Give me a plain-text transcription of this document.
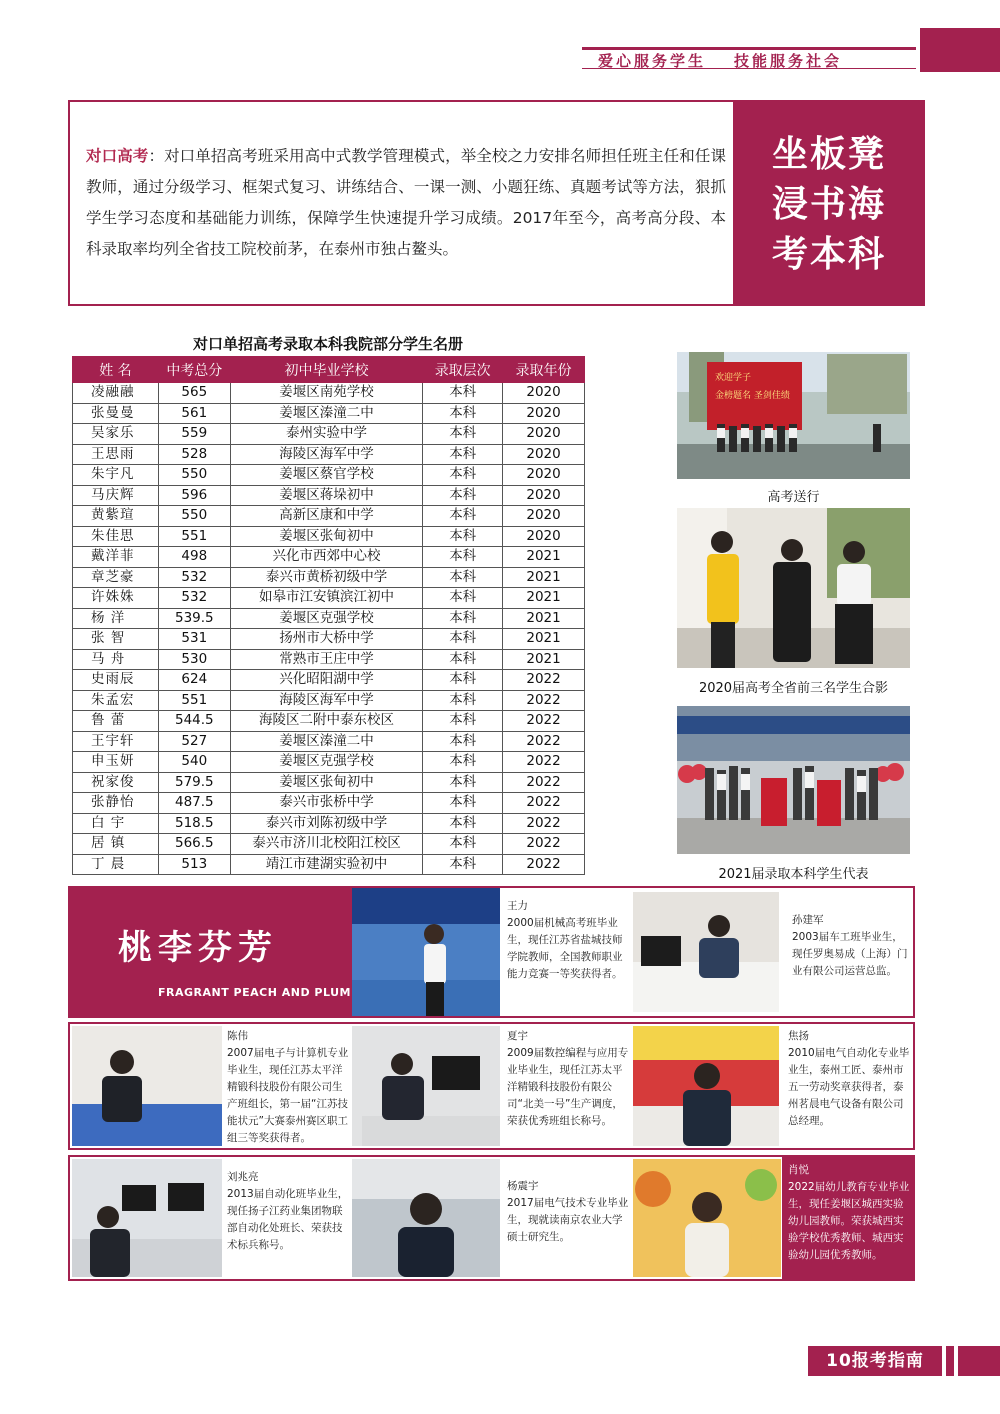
爱心服务学生 技能服务社会
对口高考：对口单招高考班采用高中式教学管理模式，举全校之力安排名师担任班主任和任课教师，通过分级学习、框架式复习、讲练结合、一课一测、小题狂练、真题考试等方法，狠抓学生学习态度和基础能力训练，保障学生快速提升学习成绩。2017年至今，高考高分段、本科录取率均列全省技工院校前茅，在泰州市独占鳌头。
坐板凳
浸书海
考本科
对口单招高考录取本科我院部分学生名册
姓 名	中考总分	初中毕业学校	录取层次	录取年份
凌融融	565	姜堰区南苑学校	本科	2020
张曼曼	561	姜堰区溱潼二中	本科	2020
吴家乐	559	泰州实验中学	本科	2020
王思雨	528	海陵区海军中学	本科	2020
朱宇凡	550	姜堰区蔡官学校	本科	2020
马庆辉	596	姜堰区蒋垛初中	本科	2020
黄紫瑄	550	高新区康和中学	本科	2020
朱佳思	551	姜堰区张甸初中	本科	2020
戴洋菲	498	兴化市西郊中心校	本科	2021
章芝豪	532	泰兴市黄桥初级中学	本科	2021
许姝姝	532	如皋市江安镇滨江初中	本科	2021
杨 洋	539.5	姜堰区克强学校	本科	2021
张 智	531	扬州市大桥中学	本科	2021
马 舟	530	常熟市王庄中学	本科	2021
史雨辰	624	兴化昭阳湖中学	本科	2022
朱孟宏	551	海陵区海军中学	本科	2022
鲁 蕾	544.5	海陵区二附中泰东校区	本科	2022
王宇轩	527	姜堰区溱潼二中	本科	2022
申玉妍	540	姜堰区克强学校	本科	2022
祝家俊	579.5	姜堰区张甸初中	本科	2022
张静怡	487.5	泰兴市张桥中学	本科	2022
白 宇	518.5	泰兴市刘陈初级中学	本科	2022
居 镇	566.5	泰兴市济川北校阳江校区	本科	2022
丁 晨	513	靖江市建湖实验初中	本科	2022
欢迎学子
金榜题名 圣剑佳绩
高考送行
2020届高考全省前三名学生合影
2021届录取本科学生代表
桃李芬芳
FRAGRANT PEACH AND PLUM
王力
2000届机械高考班毕业生，现任江苏省盐城技师学院教师，全国教师职业能力竞赛一等奖获得者。
孙建军
2003届车工班毕业生，现任罗奥易成（上海）门业有限公司运营总监。
陈伟
2007届电子与计算机专业毕业生，现任江苏太平洋精锻科技股份有限公司生产班组长，第一届“江苏技能状元”大赛泰州赛区职工组三等奖获得者。
夏宇
2009届数控编程与应用专业毕业生，现任江苏太平洋精锻科技股份有限公司“北美一号”生产调度，荣获优秀班组长称号。
焦扬
2010届电气自动化专业毕业生，泰州工匠、泰州市五一劳动奖章获得者，泰州茗晨电气设备有限公司总经理。
刘兆亮
2013届自动化班毕业生，现任扬子江药业集团物联部自动化处班长、荣获技术标兵称号。
杨震宇
2017届电气技术专业毕业生，现就读南京农业大学硕士研究生。
肖悦
2022届幼儿教育专业毕业生，现任姜堰区城西实验幼儿园教师。荣获城西实验学校优秀教师、城西实验幼儿园优秀教师。
10报考指南
